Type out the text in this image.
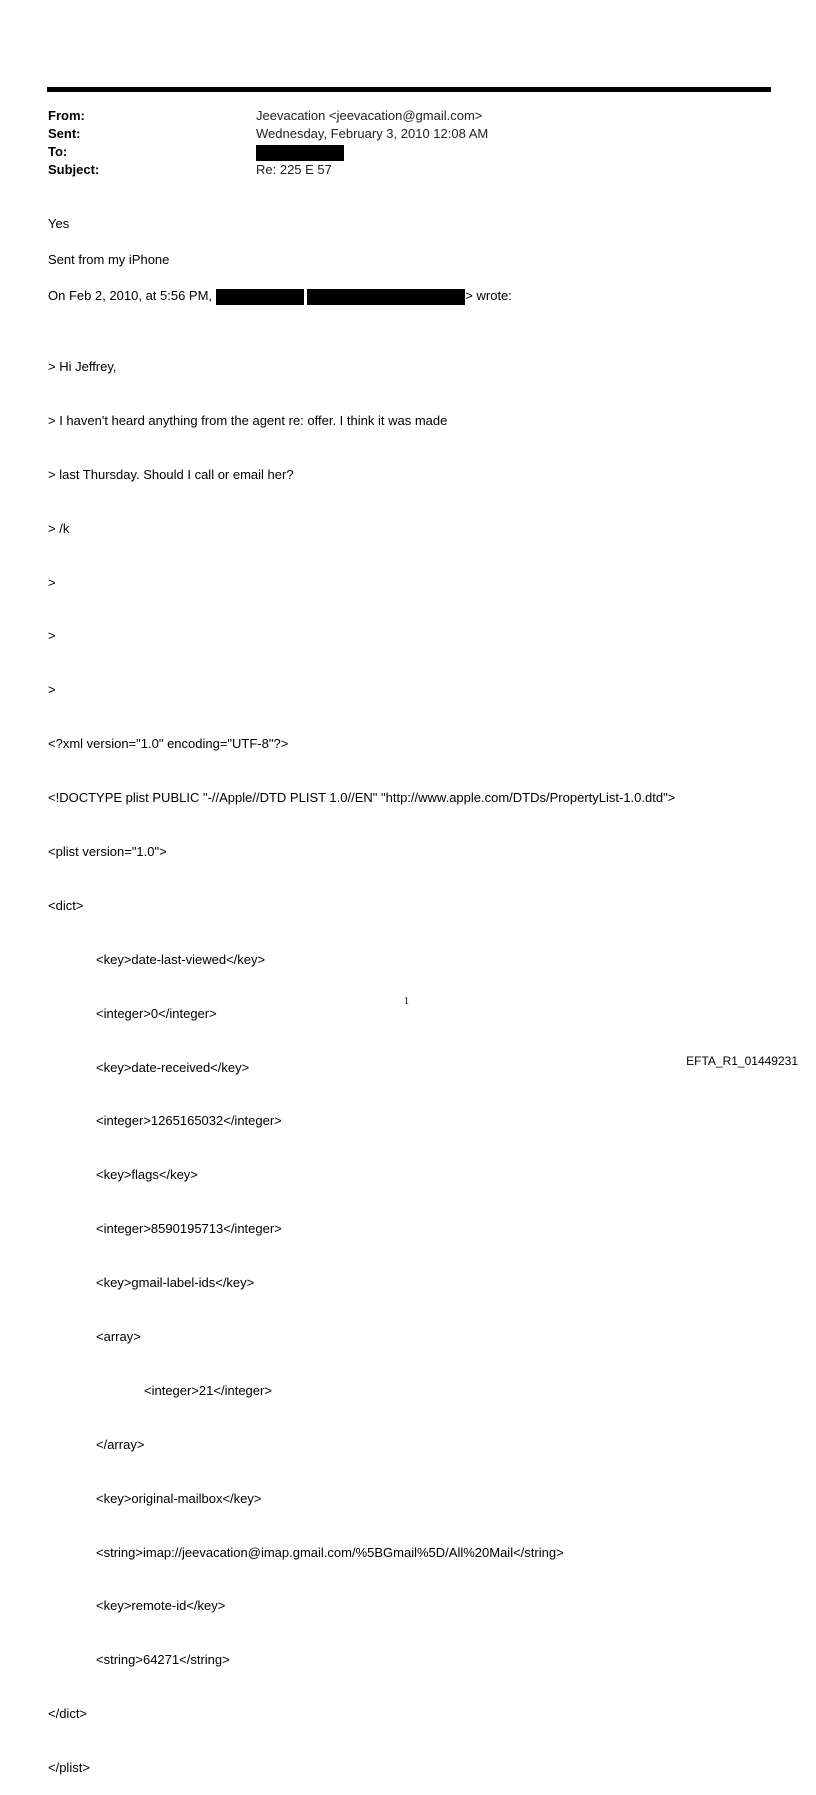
From:
Sent:
To:
Subject:
Jeevacation <jeevacation@gmail.com>
Wednesday, February 3, 2010 12:08 AM
Re: 225 E 57
Yes
Sent from my iPhone
On Feb 2, 2010, at 5:56 PM,	> wrote:

> Hi Jeffrey,

> I haven't heard anything from the agent re: offer. I think it was made

> last Thursday. Should I call or email her?

> /k

>

>

>

<?xml version="1.0" encoding="UTF-8"?>

<!DOCTYPE plist PUBLIC "-//Apple//DTD PLIST 1.0//EN" "http://www.apple.com/DTDs/PropertyList-1.0.dtd">

<plist version="1.0">

<dict>

<key>date-last-viewed</key>

<integer>0</integer>

<key>date-received</key>

<integer>1265165032</integer>

<key>flags</key>

<integer>8590195713</integer>

<key>gmail-label-ids</key>

<array>

<integer>21</integer>

</array>

<key>original-mailbox</key>

<string>imap://jeevacation@imap.gmail.com/%5BGmail%5D/All%20Mail</string>

<key>remote-id</key>

<string>64271</string>

</dict>

</plist>

1
EFTA_R1_01449231
